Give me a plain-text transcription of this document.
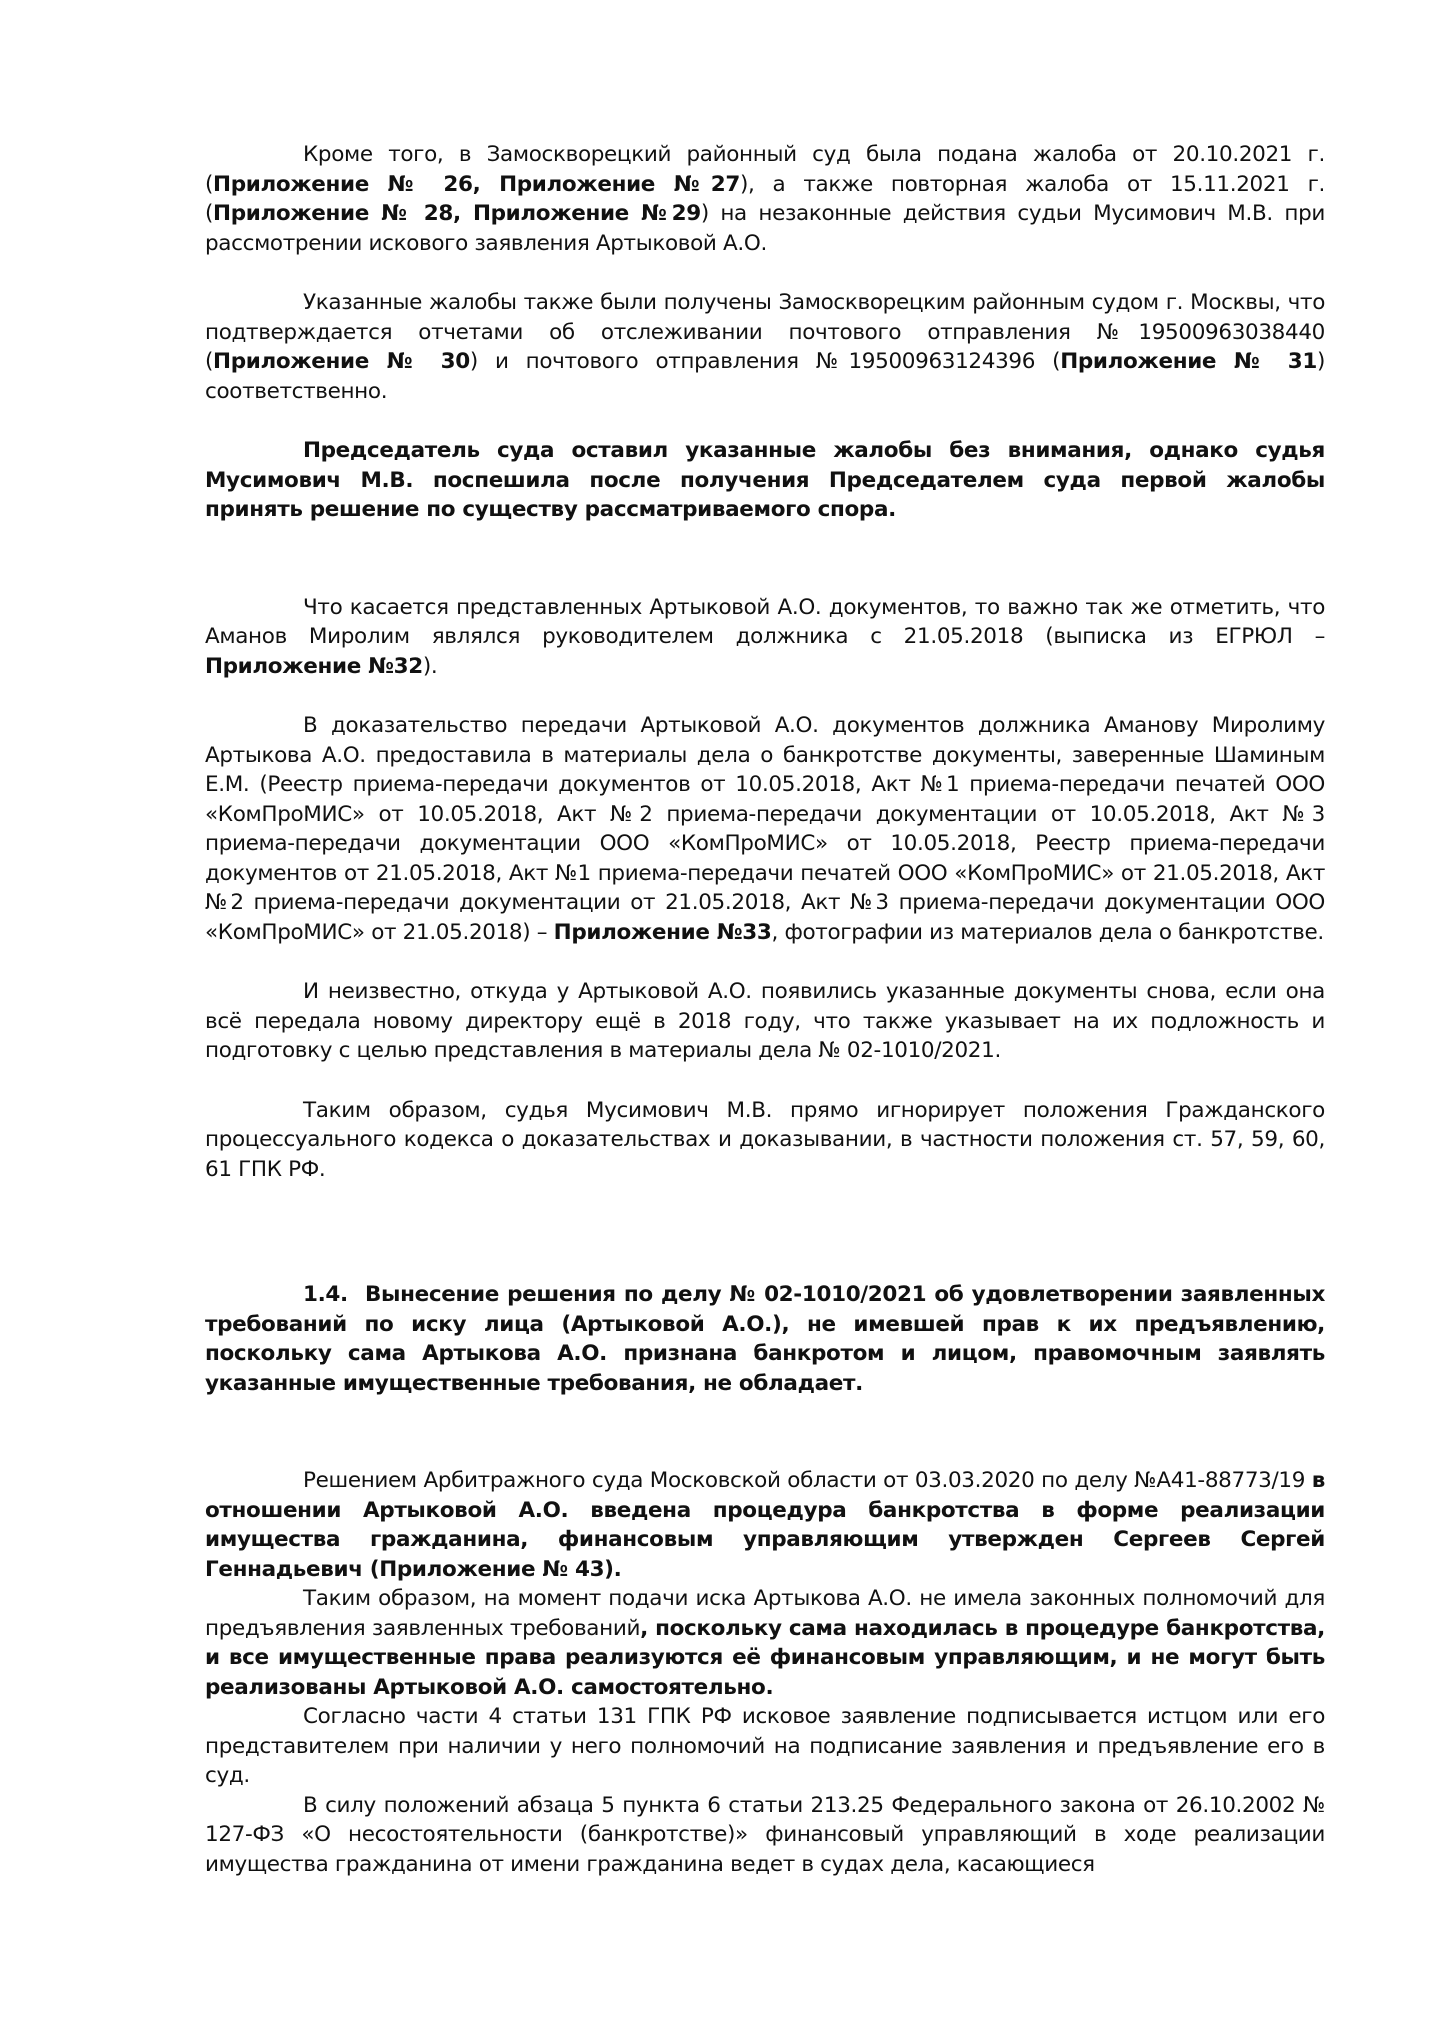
Кроме того, в Замоскворецкий районный суд была подана жалоба от 20.10.2021 г. (Приложение № 26, Приложение №27), а также повторная жалоба от 15.11.2021 г. (Приложение № 28, Приложение №29) на незаконные действия судьи Мусимович М.В. при рассмотрении искового заявления Артыковой А.О.

Указанные жалобы также были получены Замоскворецким районным судом г. Москвы, что подтверждается отчетами об отслеживании почтового отправления №19500963038440 (Приложение № 30) и почтового отправления №19500963124396 (Приложение № 31) соответственно.

Председатель суда оставил указанные жалобы без внимания, однако судья Мусимович М.В. поспешила после получения Председателем суда первой жалобы принять решение по существу рассматриваемого спора.

Что касается представленных Артыковой А.О. документов, то важно так же отметить, что Аманов Миролим являлся руководителем должника с 21.05.2018 (выписка из ЕГРЮЛ – Приложение №32).

В доказательство передачи Артыковой А.О. документов должника Аманову Миролиму Артыкова А.О. предоставила в материалы дела о банкротстве документы, заверенные Шаминым Е.М. (Реестр приема-передачи документов от 10.05.2018, Акт №1 приема-передачи печатей ООО «КомПроМИС» от 10.05.2018, Акт №2 приема-передачи документации от 10.05.2018, Акт №3 приема-передачи документации ООО «КомПроМИС» от 10.05.2018, Реестр приема-передачи документов от 21.05.2018, Акт №1 приема-передачи печатей ООО «КомПроМИС» от 21.05.2018, Акт №2 приема-передачи документации от 21.05.2018, Акт №3 приема-передачи документации ООО «КомПроМИС» от 21.05.2018) – Приложение №33, фотографии из материалов дела о банкротстве.

И неизвестно, откуда у Артыковой А.О. появились указанные документы снова, если она всё передала новому директору ещё в 2018 году, что также указывает на их подложность и подготовку с целью представления в материалы дела № 02-1010/2021.

Таким образом, судья Мусимович М.В. прямо игнорирует положения Гражданского процессуального кодекса о доказательствах и доказывании, в частности положения ст. 57, 59, 60, 61 ГПК РФ.

1.4. Вынесение решения по делу № 02-1010/2021 об удовлетворении заявленных требований по иску лица (Артыковой А.О.), не имевшей прав к их предъявлению, поскольку сама Артыкова А.О. признана банкротом и лицом, правомочным заявлять указанные имущественные требования, не обладает.

Решением Арбитражного суда Московской области от 03.03.2020 по делу №А41-88773/19 в отношении Артыковой А.О. введена процедура банкротства в форме реализации имущества гражданина, финансовым управляющим утвержден Сергеев Сергей Геннадьевич (Приложение № 43).

Таким образом, на момент подачи иска Артыкова А.О. не имела законных полномочий для предъявления заявленных требований, поскольку сама находилась в процедуре банкротства, и все имущественные права реализуются её финансовым управляющим, и не могут быть реализованы Артыковой А.О. самостоятельно.

Согласно части 4 статьи 131 ГПК РФ исковое заявление подписывается истцом или его представителем при наличии у него полномочий на подписание заявления и предъявление его в суд.

В силу положений абзаца 5 пункта 6 статьи 213.25 Федерального закона от 26.10.2002 № 127-ФЗ «О несостоятельности (банкротстве)» финансовый управляющий в ходе реализации имущества гражданина от имени гражданина ведет в судах дела, касающиеся
